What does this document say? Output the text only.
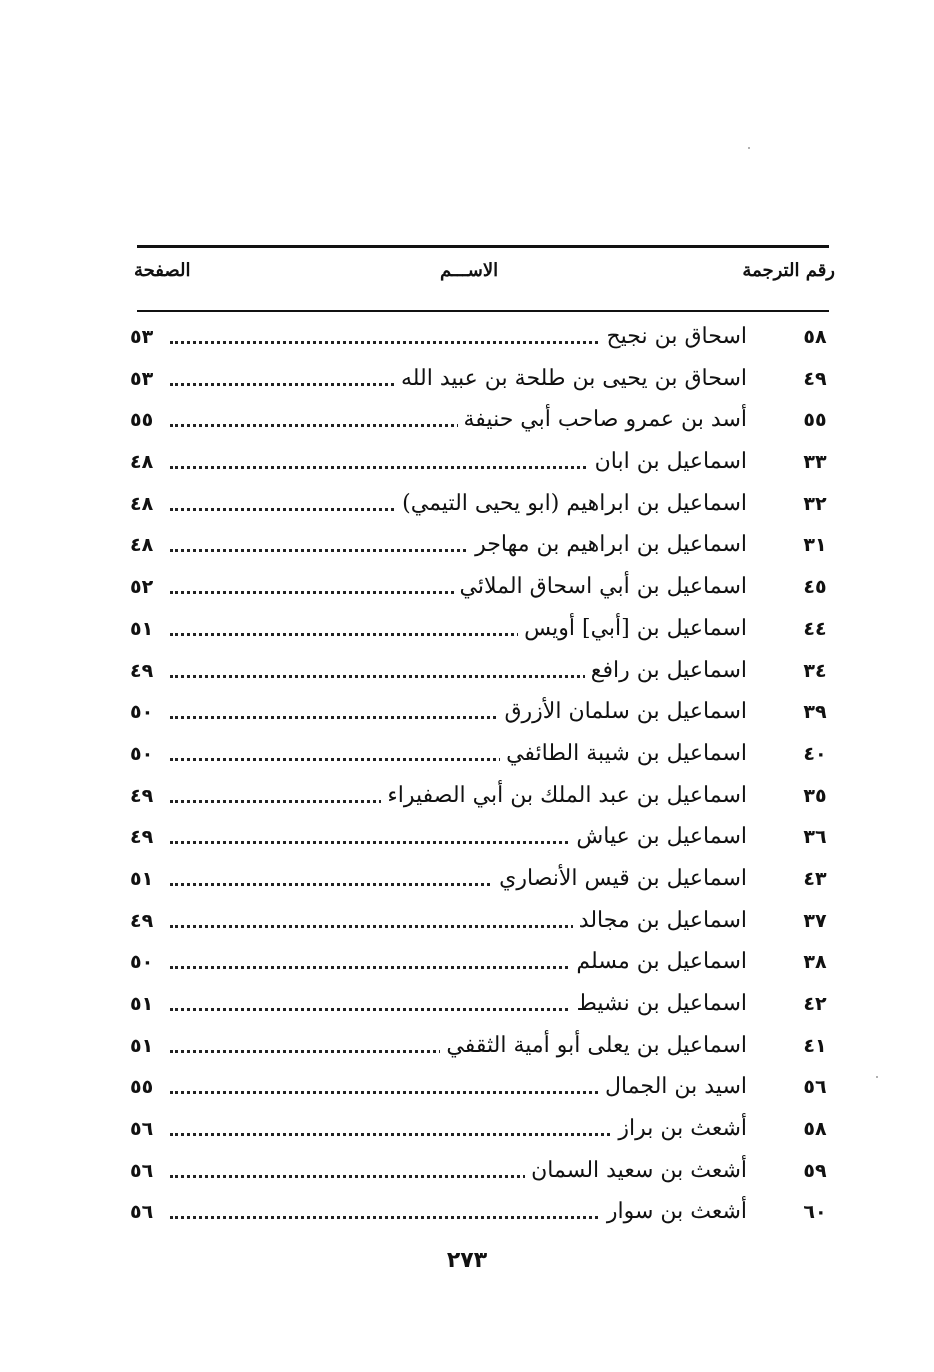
رقم الترجمة
الاســـم
الصفحة
٥٨
اسحاق بن نجيح
٥٣
٤٩
اسحاق بن يحيى بن طلحة بن عبيد الله
٥٣
٥٥
أسد بن عمرو صاحب أبي حنيفة
٥٥
٣٣
اسماعيل بن ابان
٤٨
٣٢
اسماعيل بن ابراهيم (ابو يحيى التيمي)
٤٨
٣١
اسماعيل بن ابراهيم بن مهاجر
٤٨
٤٥
اسماعيل بن أبي اسحاق الملائي
٥٢
٤٤
اسماعيل بن [أبي] أويس
٥١
٣٤
اسماعيل بن رافع
٤٩
٣٩
اسماعيل بن سلمان الأزرق
٥٠
٤٠
اسماعيل بن شيبة الطائفي
٥٠
٣٥
اسماعيل بن عبد الملك بن أبي الصفيراء
٤٩
٣٦
اسماعيل بن عياش
٤٩
٤٣
اسماعيل بن قيس الأنصاري
٥١
٣٧
اسماعيل بن مجالد
٤٩
٣٨
اسماعيل بن مسلم
٥٠
٤٢
اسماعيل بن نشيط
٥١
٤١
اسماعيل بن يعلى أبو أمية الثقفي
٥١
٥٦
اسيد بن الجمال
٥٥
٥٨
أشعث بن براز
٥٦
٥٩
أشعث بن سعيد السمان
٥٦
٦٠
أشعث بن سوار
٥٦
٢٧٣
